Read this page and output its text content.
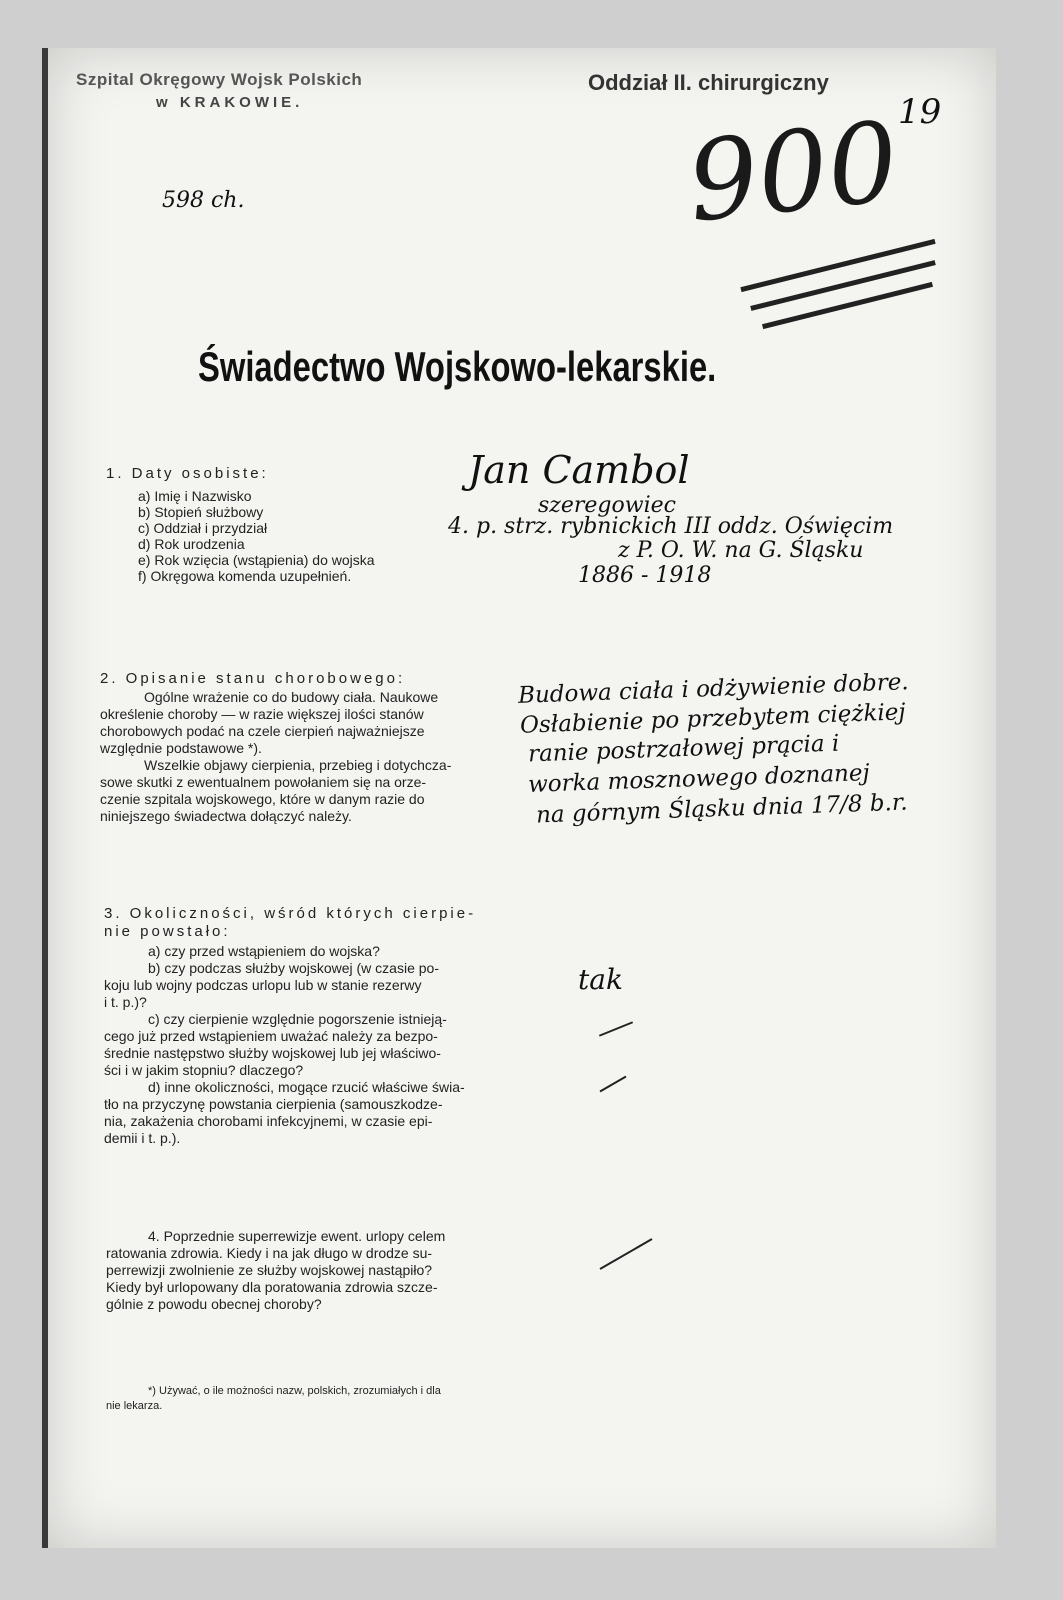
Szpital Okręgowy Wojsk Polskich
w KRAKOWIE.
Oddział II. chirurgiczny
19
900
598 ch.
Świadectwo Wojskowo-lekarskie.
1. Daty osobiste:
a) Imię i Nazwisko
b) Stopień służbowy
c) Oddział i przydział
d) Rok urodzenia
e) Rok wzięcia (wstąpienia) do wojska
f) Okręgowa komenda uzupełnień.
Jan Cambol
szeregowiec
4. p. strz. rybnickich III oddz. Oświęcim
z P. O. W. na G. Śląsku
1886 - 1918
2. Opisanie stanu chorobowego:
Ogólne wrażenie co do budowy ciała. Naukowe
określenie choroby — w razie większej ilości stanów
chorobowych podać na czele cierpień najważniejsze
względnie podstawowe *).
Wszelkie objawy cierpienia, przebieg i dotychcza-
sowe skutki z ewentualnem powołaniem się na orze-
czenie szpitala wojskowego, które w danym razie do
niniejszego świadectwa dołączyć należy.
Budowa ciała i odżywienie dobre.
Osłabienie po przebytem ciężkiej
ranie postrzałowej prącia i
worka mosznowego doznanej
na górnym Śląsku dnia 17/8 b.r.
3. Okoliczności, wśród których cierpie-
nie powstało:
a) czy przed wstąpieniem do wojska?
b) czy podczas służby wojskowej (w czasie po-
koju lub wojny podczas urlopu lub w stanie rezerwy
i t. p.)?
c) czy cierpienie względnie pogorszenie istnieją-
cego już przed wstąpieniem uważać należy za bezpo-
średnie następstwo służby wojskowej lub jej właściwo-
ści i w jakim stopniu? dlaczego?
d) inne okoliczności, mogące rzucić właściwe świa-
tło na przyczynę powstania cierpienia (samouszkodze-
nia, zakażenia chorobami infekcyjnemi, w czasie epi-
demii i t. p.).
tak
4. Poprzednie superrewizje ewent. urlopy celem
ratowania zdrowia. Kiedy i na jak długo w drodze su-
perrewizji zwolnienie ze służby wojskowej nastąpiło?
Kiedy był urlopowany dla poratowania zdrowia szcze-
gólnie z powodu obecnej choroby?
*) Używać, o ile możności nazw, polskich, zrozumiałych i dla
nie lekarza.
